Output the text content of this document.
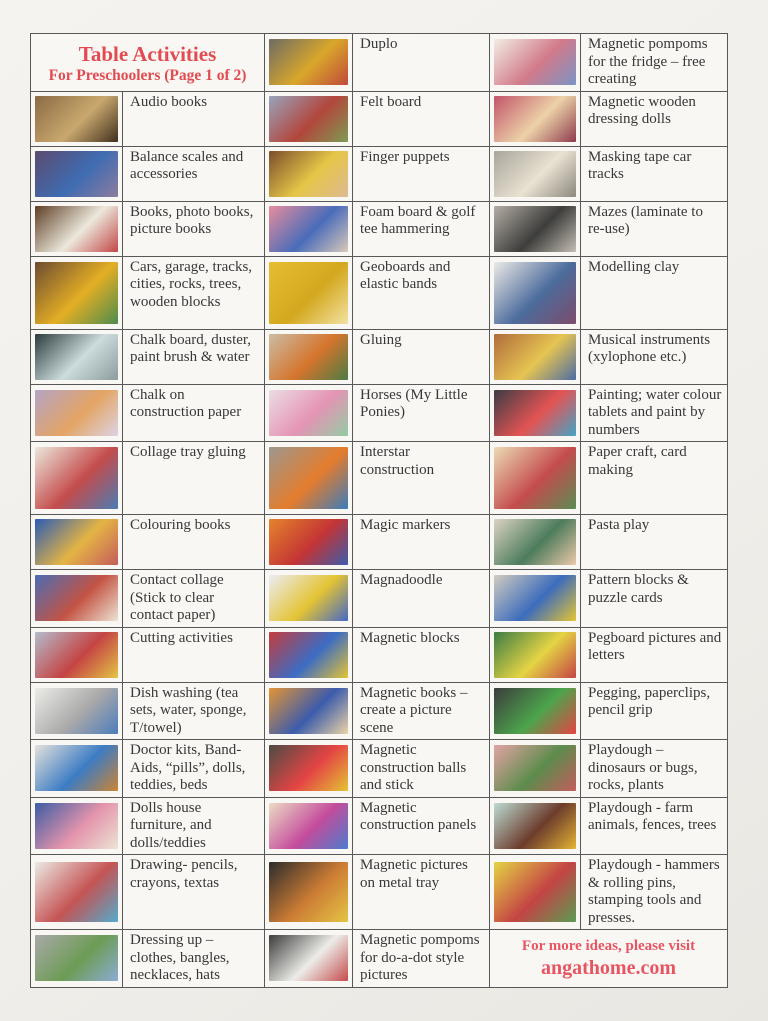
Table Activities
For Preschoolers (Page 1 of 2)			Duplo		Magnetic pompoms for the fridge – free creating

	Audio books		Felt board		Magnetic wooden dressing dolls

	Balance scales and accessories		Finger puppets		Masking tape car tracks

	Books, photo books, picture books		Foam board & golf tee hammering		Mazes (laminate to re-use)

	Cars, garage, tracks, cities, rocks, trees, wooden blocks		Geoboards and elastic bands		Modelling clay

	Chalk board, duster, paint brush & water		Gluing		Musical instruments (xylophone etc.)

	Chalk on construction paper		Horses (My Little Ponies)		Painting; water colour tablets and paint by numbers

	Collage tray gluing		Interstar construction		Paper craft, card making

	Colouring books		Magic markers		Pasta play

	Contact collage (Stick to clear contact paper)		Magnadoodle		Pattern blocks & puzzle cards

	Cutting activities		Magnetic blocks		Pegboard pictures and letters

	Dish washing (tea sets, water, sponge, T/towel)		Magnetic books – create a picture scene		Pegging, paperclips, pencil grip

	Doctor kits, Band-Aids, “pills”, dolls, teddies, beds		Magnetic construction balls and stick		Playdough – dinosaurs or bugs, rocks, plants

	Dolls house furniture, and dolls/teddies		Magnetic construction panels		Playdough - farm animals, fences, trees

	Drawing- pencils, crayons, textas		Magnetic pictures on metal tray		Playdough - hammers & rolling pins, stamping tools and presses.

	Dressing up – clothes, bangles, necklaces, hats		Magnetic pompoms for do-a-dot style pictures	For more ideas, please visit
angathome.com	
